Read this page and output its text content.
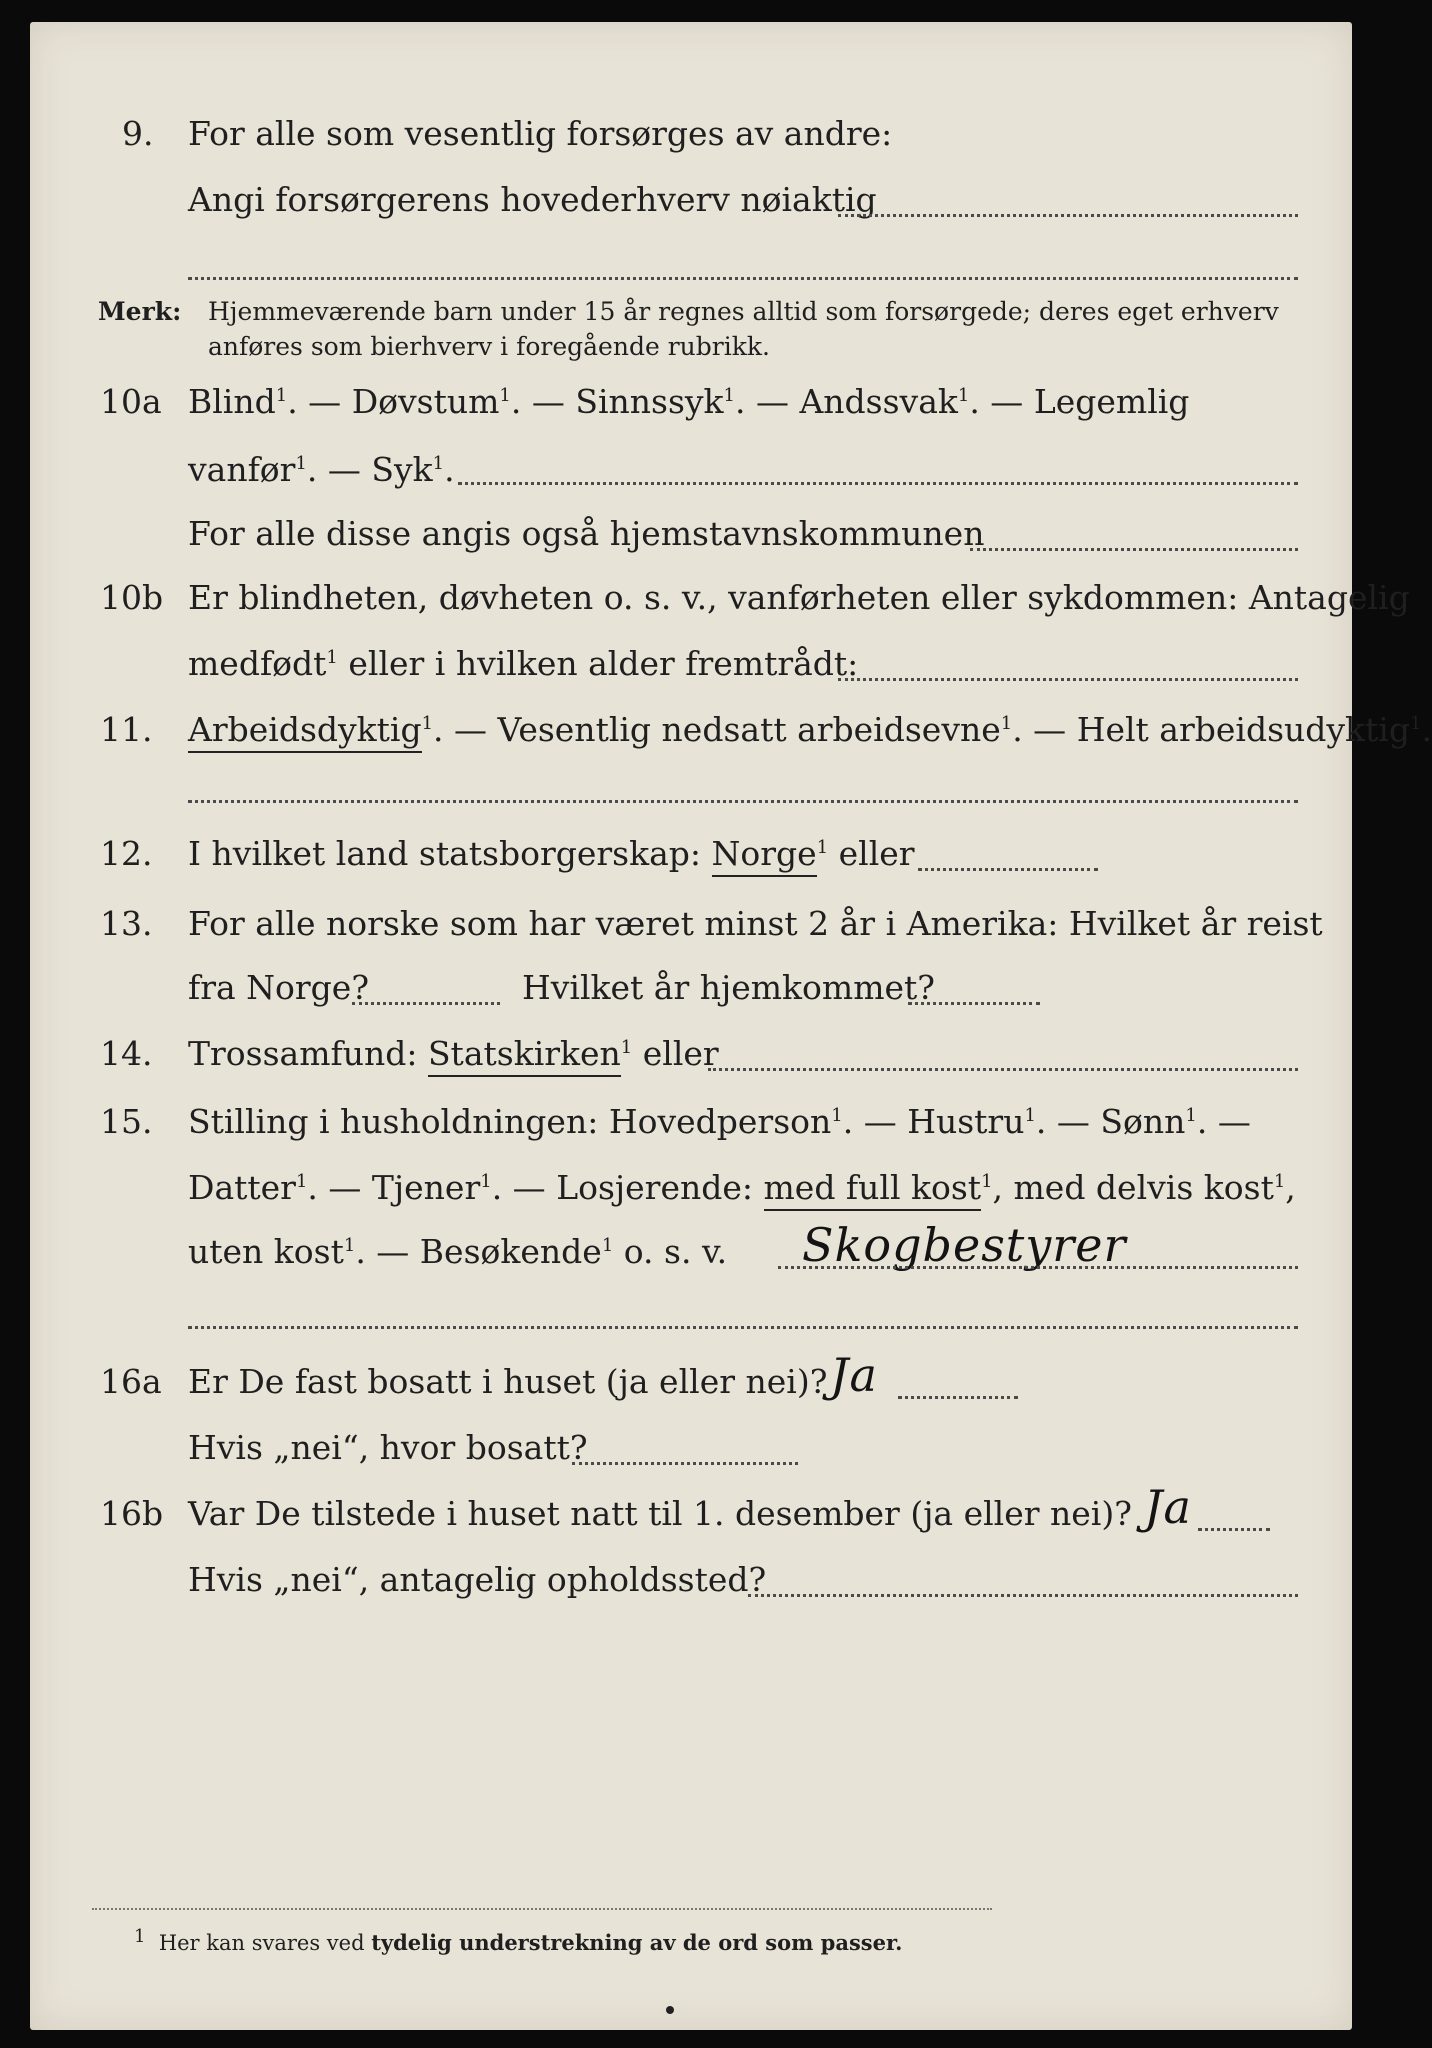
9. For alle som vesentlig forsørges av andre:
Angi forsørgerens hovederhverv nøiaktig
Merk: Hjemmeværende barn under 15 år regnes alltid som forsørgede; deres eget erhverv
anføres som bierhverv i foregående rubrikk.
10a Blind$^1$. — Døvstum$^1$. — Sinnssyk$^1$. — Andssvak$^1$. — Legemlig
vanfør$^1$. — Syk$^1$.
For alle disse angis også hjemstavnskommunen
10b Er blindheten, døvheten o. s. v., vanførheten eller sykdommen: Antagelig
medfødt$^1$ eller i hvilken alder fremtrådt:
11. Arbeidsdyktig$^1$. — Vesentlig nedsatt arbeidsevne$^1$. — Helt arbeidsudyktig$^1$.
12. I hvilket land statsborgerskap: Norge$^1$ eller
13. For alle norske som har været minst 2 år i Amerika: Hvilket år reist
fra Norge?	Hvilket år hjemkommet?
14. Trossamfund: Statskirken$^1$ eller
15. Stilling i husholdningen: Hovedperson$^1$. — Hustru$^1$. — Sønn$^1$. —
Datter$^1$. — Tjener$^1$. — Losjerende: med full kost$^1$, med delvis kost$^1$,
uten kost$^1$. — Besøkende$^1$ o. s. v. Skogbestyrer
16a Er De fast bosatt i huset (ja eller nei)? Ja
Hvis „nei“, hvor bosatt?
16b Var De tilstede i huset natt til 1. desember (ja eller nei)? Ja
Hvis „nei“, antagelig opholdssted?
$^1$ Her kan svares ved tydelig understrekning av de ord som passer.
